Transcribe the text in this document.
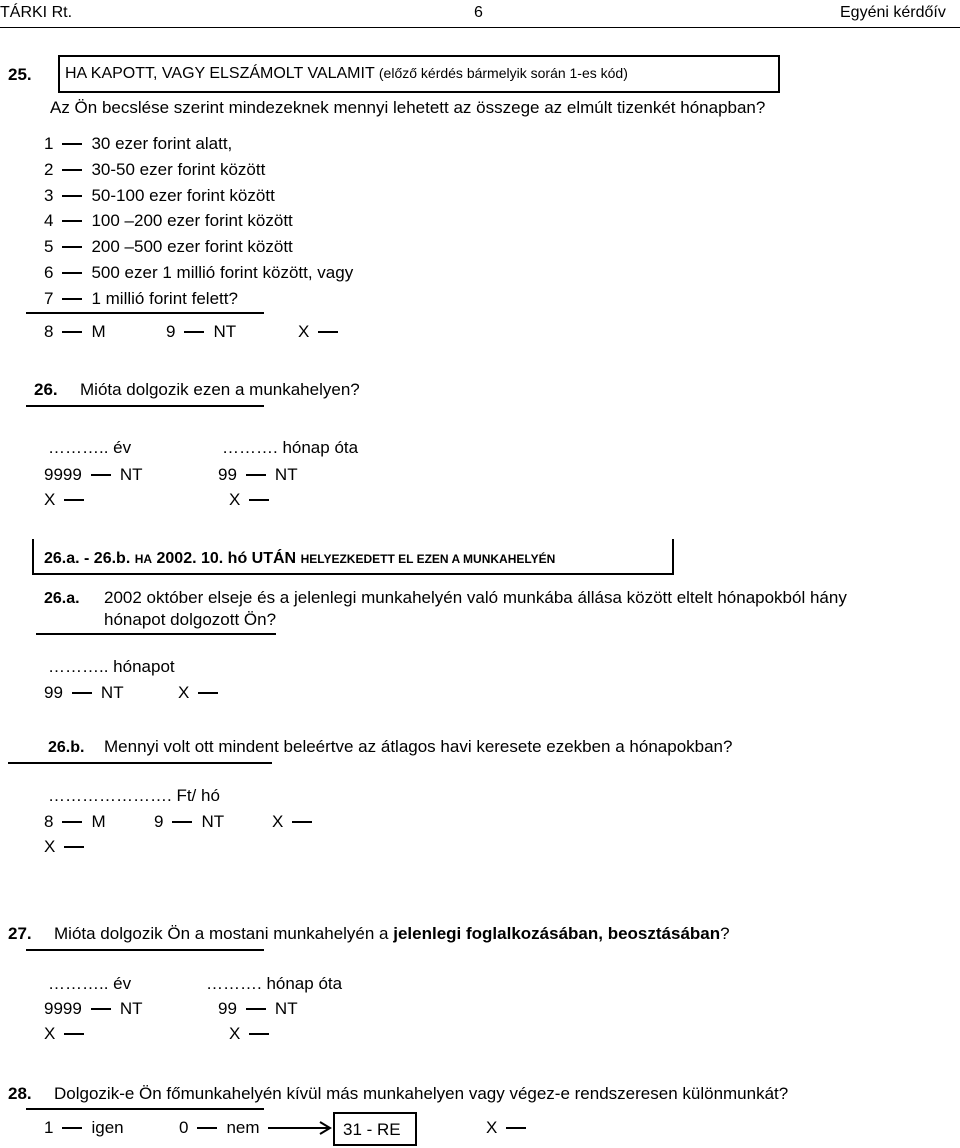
TÁRKI Rt.	6	Egyéni kérdőív
25. HA KAPOTT, VAGY ELSZÁMOLT VALAMIT (előző kérdés bármelyik során 1-es kód)
Az Ön becslése szerint mindezeknek mennyi lehetett az összege az elmúlt tizenkét hónapban?
1 30 ezer forint alatt,
2 30-50 ezer forint között
3 50-100 ezer forint között
4 100 –200 ezer forint között
5 200 –500 ezer forint között
6 500 ezer 1 millió forint között, vagy
7 1 millió forint felett?
8 M	9 NT	X
26. Mióta dolgozik ezen a munkahelyen?
……….. év	………. hónap óta
9999 NT	99 NT
X	X
26.a. - 26.b. HA 2002. 10. hó UTÁN HELYEZKEDETT EL EZEN A MUNKAHELYÉN
26.a. 2002 október elseje és a jelenlegi munkahelyén való munkába állása között eltelt hónapokból hány
hónapot dolgozott Ön?
……….. hónapot
99 NT	X
26.b. Mennyi volt ott mindent beleértve az átlagos havi keresete ezekben a hónapokban?
…………………. Ft/ hó
8 M	9 NT	X
X
27. Mióta dolgozik Ön a mostani munkahelyén a jelenlegi foglalkozásában, beosztásában?
……….. év	………. hónap óta
9999 NT	99 NT
X	X
28. Dolgozik-e Ön főmunkahelyén kívül más munkahelyen vagy végez-e rendszeresen különmunkát?
1 igen	0 nem	31 - RE	X
